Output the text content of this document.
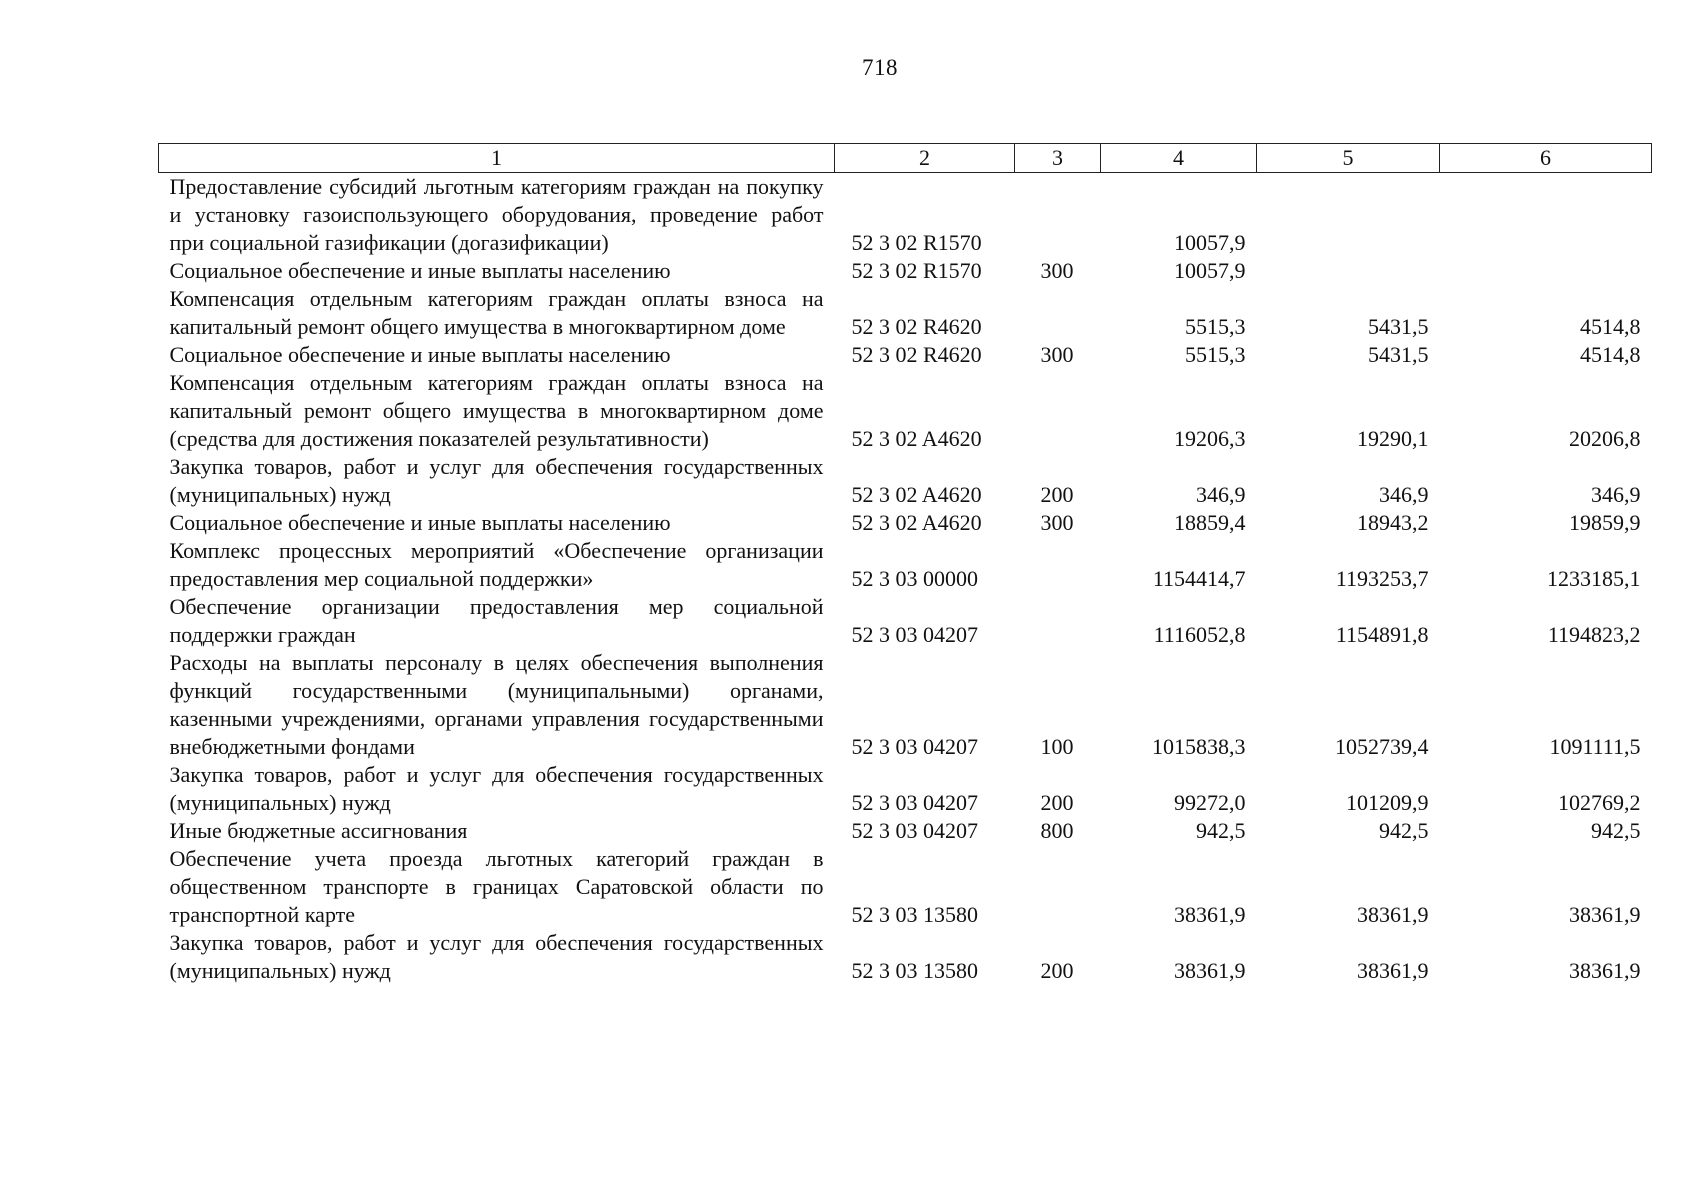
718
1	2	3	4	5	6
Предоставление субсидий льготным категориям граждан на покупку и установку газоиспользующего оборудования, проведение работ при социальной газификации (догазификации)	52 3 02 R1570		10057,9		
Социальное обеспечение и иные выплаты населению	52 3 02 R1570	300	10057,9		
Компенсация отдельным категориям граждан оплаты взноса на капитальный ремонт общего имущества в многоквартирном доме	52 3 02 R4620		5515,3	5431,5	4514,8
Социальное обеспечение и иные выплаты населению	52 3 02 R4620	300	5515,3	5431,5	4514,8
Компенсация отдельным категориям граждан оплаты взноса на капитальный ремонт общего имущества в многоквартирном доме (средства для достижения показателей результативности)	52 3 02 A4620		19206,3	19290,1	20206,8
Закупка товаров, работ и услуг для обеспечения государственных (муниципальных) нужд	52 3 02 A4620	200	346,9	346,9	346,9
Социальное обеспечение и иные выплаты населению	52 3 02 A4620	300	18859,4	18943,2	19859,9
Комплекс процессных мероприятий «Обеспечение организации предоставления мер социальной поддержки»	52 3 03 00000		1154414,7	1193253,7	1233185,1
Обеспечение организации предоставления мер социальной поддержки граждан	52 3 03 04207		1116052,8	1154891,8	1194823,2
Расходы на выплаты персоналу в целях обеспечения выполнения функций государственными (муниципальными) органами, казенными учреждениями, органами управления государственными внебюджетными фондами	52 3 03 04207	100	1015838,3	1052739,4	1091111,5
Закупка товаров, работ и услуг для обеспечения государственных (муниципальных) нужд	52 3 03 04207	200	99272,0	101209,9	102769,2
Иные бюджетные ассигнования	52 3 03 04207	800	942,5	942,5	942,5
Обеспечение учета проезда льготных категорий граждан в общественном транспорте в границах Саратовской области по транспортной карте	52 3 03 13580		38361,9	38361,9	38361,9
Закупка товаров, работ и услуг для обеспечения государственных (муниципальных) нужд	52 3 03 13580	200	38361,9	38361,9	38361,9
